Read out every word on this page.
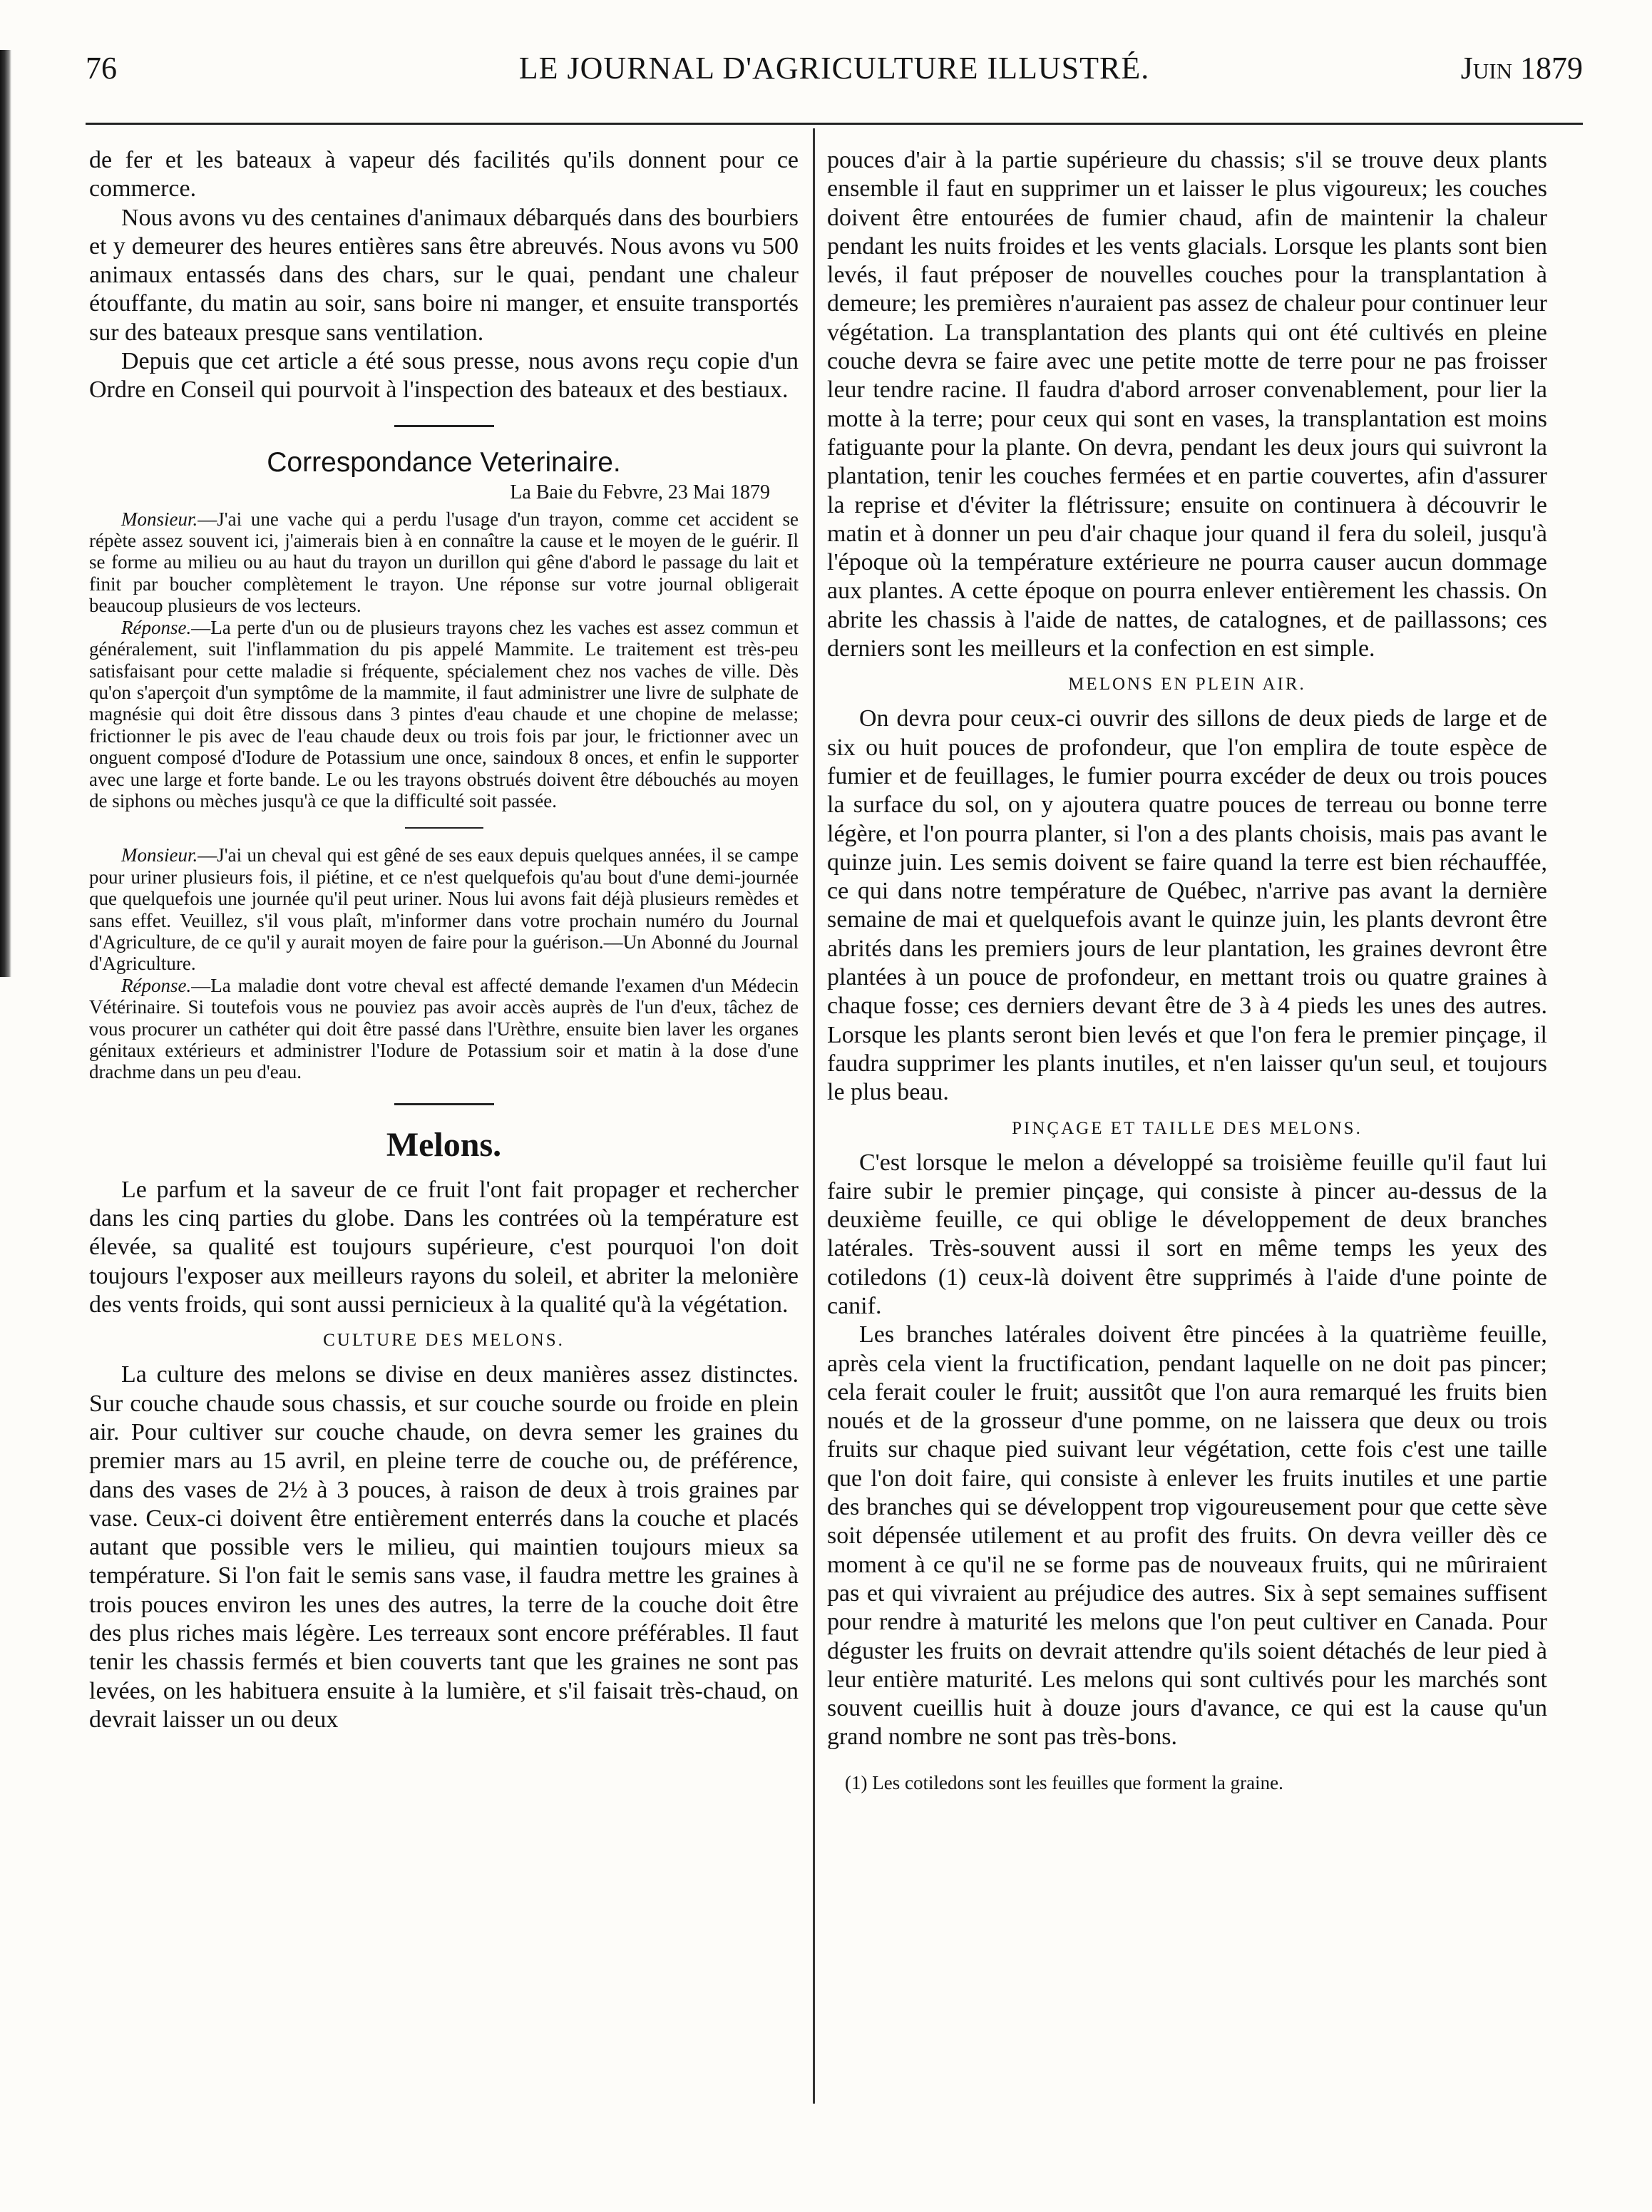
76	LE JOURNAL D'AGRICULTURE ILLUSTRÉ.	Juin 1879

de fer et les bateaux à vapeur dés facilités qu'ils donnent pour ce commerce.

Nous avons vu des centaines d'animaux débarqués dans des bourbiers et y demeurer des heures entières sans être abreuvés. Nous avons vu 500 animaux entassés dans des chars, sur le quai, pendant une chaleur étouffante, du matin au soir, sans boire ni manger, et ensuite transportés sur des bateaux presque sans ventilation.

Depuis que cet article a été sous presse, nous avons reçu copie d'un Ordre en Conseil qui pourvoit à l'inspection des bateaux et des bestiaux.

Correspondance Veterinaire.
La Baie du Febvre, 23 Mai 1879

Monsieur.—J'ai une vache qui a perdu l'usage d'un trayon, comme cet accident se répète assez souvent ici, j'aimerais bien à en connaître la cause et le moyen de le guérir. Il se forme au milieu ou au haut du trayon un durillon qui gêne d'abord le passage du lait et finit par boucher complètement le trayon. Une réponse sur votre journal obligerait beaucoup plusieurs de vos lecteurs.

Réponse.—La perte d'un ou de plusieurs trayons chez les vaches est assez commun et généralement, suit l'inflammation du pis appelé Mammite. Le traitement est très-peu satisfaisant pour cette maladie si fréquente, spécialement chez nos vaches de ville. Dès qu'on s'aperçoit d'un symptôme de la mammite, il faut administrer une livre de sulphate de magnésie qui doit être dissous dans 3 pintes d'eau chaude et une chopine de melasse; frictionner le pis avec de l'eau chaude deux ou trois fois par jour, le frictionner avec un onguent composé d'Iodure de Potassium une once, saindoux 8 onces, et enfin le supporter avec une large et forte bande. Le ou les trayons obstrués doivent être débouchés au moyen de siphons ou mèches jusqu'à ce que la difficulté soit passée.

Monsieur.—J'ai un cheval qui est gêné de ses eaux depuis quelques années, il se campe pour uriner plusieurs fois, il piétine, et ce n'est quelquefois qu'au bout d'une demi-journée que quelquefois une journée qu'il peut uriner. Nous lui avons fait déjà plusieurs remèdes et sans effet. Veuillez, s'il vous plaît, m'informer dans votre prochain numéro du Journal d'Agriculture, de ce qu'il y aurait moyen de faire pour la guérison.—Un Abonné du Journal d'Agriculture.

Réponse.—La maladie dont votre cheval est affecté demande l'examen d'un Médecin Vétérinaire. Si toutefois vous ne pouviez pas avoir accès auprès de l'un d'eux, tâchez de vous procurer un cathéter qui doit être passé dans l'Urèthre, ensuite bien laver les organes génitaux extérieurs et administrer l'Iodure de Potassium soir et matin à la dose d'une drachme dans un peu d'eau.

Melons.

Le parfum et la saveur de ce fruit l'ont fait propager et rechercher dans les cinq parties du globe. Dans les contrées où la température est élevée, sa qualité est toujours supérieure, c'est pourquoi l'on doit toujours l'exposer aux meilleurs rayons du soleil, et abriter la melonière des vents froids, qui sont aussi pernicieux à la qualité qu'à la végétation.

CULTURE DES MELONS.

La culture des melons se divise en deux manières assez distinctes. Sur couche chaude sous chassis, et sur couche sourde ou froide en plein air. Pour cultiver sur couche chaude, on devra semer les graines du premier mars au 15 avril, en pleine terre de couche ou, de préférence, dans des vases de 2½ à 3 pouces, à raison de deux à trois graines par vase. Ceux-ci doivent être entièrement enterrés dans la couche et placés autant que possible vers le milieu, qui maintien toujours mieux sa température. Si l'on fait le semis sans vase, il faudra mettre les graines à trois pouces environ les unes des autres, la terre de la couche doit être des plus riches mais légère. Les terreaux sont encore préférables. Il faut tenir les chassis fermés et bien couverts tant que les graines ne sont pas levées, on les habituera ensuite à la lumière, et s'il faisait très-chaud, on devrait laisser un ou deux

pouces d'air à la partie supérieure du chassis; s'il se trouve deux plants ensemble il faut en supprimer un et laisser le plus vigoureux; les couches doivent être entourées de fumier chaud, afin de maintenir la chaleur pendant les nuits froides et les vents glacials. Lorsque les plants sont bien levés, il faut préposer de nouvelles couches pour la transplantation à demeure; les premières n'auraient pas assez de chaleur pour continuer leur végétation. La transplantation des plants qui ont été cultivés en pleine couche devra se faire avec une petite motte de terre pour ne pas froisser leur tendre racine. Il faudra d'abord arroser convenablement, pour lier la motte à la terre; pour ceux qui sont en vases, la transplantation est moins fatiguante pour la plante. On devra, pendant les deux jours qui suivront la plantation, tenir les couches fermées et en partie couvertes, afin d'assurer la reprise et d'éviter la flétrissure; ensuite on continuera à découvrir le matin et à donner un peu d'air chaque jour quand il fera du soleil, jusqu'à l'époque où la température extérieure ne pourra causer aucun dommage aux plantes. A cette époque on pourra enlever entièrement les chassis. On abrite les chassis à l'aide de nattes, de catalognes, et de paillassons; ces derniers sont les meilleurs et la confection en est simple.

MELONS EN PLEIN AIR.

On devra pour ceux-ci ouvrir des sillons de deux pieds de large et de six ou huit pouces de profondeur, que l'on emplira de toute espèce de fumier et de feuillages, le fumier pourra excéder de deux ou trois pouces la surface du sol, on y ajoutera quatre pouces de terreau ou bonne terre légère, et l'on pourra planter, si l'on a des plants choisis, mais pas avant le quinze juin. Les semis doivent se faire quand la terre est bien réchauffée, ce qui dans notre température de Québec, n'arrive pas avant la dernière semaine de mai et quelquefois avant le quinze juin, les plants devront être abrités dans les premiers jours de leur plantation, les graines devront être plantées à un pouce de profondeur, en mettant trois ou quatre graines à chaque fosse; ces derniers devant être de 3 à 4 pieds les unes des autres. Lorsque les plants seront bien levés et que l'on fera le premier pinçage, il faudra supprimer les plants inutiles, et n'en laisser qu'un seul, et toujours le plus beau.

PINÇAGE ET TAILLE DES MELONS.

C'est lorsque le melon a développé sa troisième feuille qu'il faut lui faire subir le premier pinçage, qui consiste à pincer au-dessus de la deuxième feuille, ce qui oblige le développement de deux branches latérales. Très-souvent aussi il sort en même temps les yeux des cotiledons (1) ceux-là doivent être supprimés à l'aide d'une pointe de canif.

Les branches latérales doivent être pincées à la quatrième feuille, après cela vient la fructification, pendant laquelle on ne doit pas pincer; cela ferait couler le fruit; aussitôt que l'on aura remarqué les fruits bien noués et de la grosseur d'une pomme, on ne laissera que deux ou trois fruits sur chaque pied suivant leur végétation, cette fois c'est une taille que l'on doit faire, qui consiste à enlever les fruits inutiles et une partie des branches qui se développent trop vigoureusement pour que cette sève soit dépensée utilement et au profit des fruits. On devra veiller dès ce moment à ce qu'il ne se forme pas de nouveaux fruits, qui ne mûriraient pas et qui vivraient au préjudice des autres. Six à sept semaines suffisent pour rendre à maturité les melons que l'on peut cultiver en Canada. Pour déguster les fruits on devrait attendre qu'ils soient détachés de leur pied à leur entière maturité. Les melons qui sont cultivés pour les marchés sont souvent cueillis huit à douze jours d'avance, ce qui est la cause qu'un grand nombre ne sont pas très-bons.

(1) Les cotiledons sont les feuilles que forment la graine.
